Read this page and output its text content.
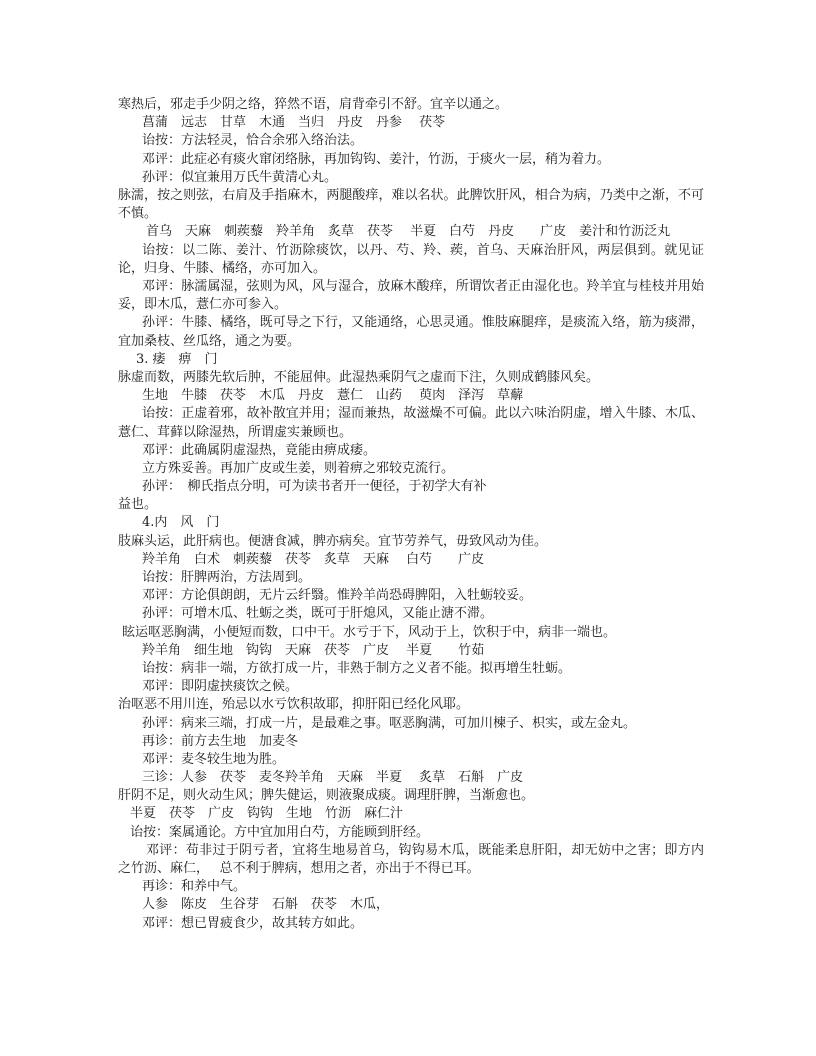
寒热后，邪走手少阴之络，猝然不语，肩背牵引不舒。宜辛以通之。
菖蒲　远志　甘草　木通　当归　丹皮　丹参　 茯苓
诒按：方法轻灵，恰合余邪入络治法。
邓评：此症必有痰火窜闭络脉，再加钩钩、姜汁，竹沥，于痰火一层，稍为着力。
孙评：似宜兼用万氏牛黄清心丸。
脉濡，按之则弦，右肩及手指麻木，两腿酸痒，难以名状。此脾饮肝风，相合为病，乃类中之渐，不可不慎。
首乌　天麻　刺蒺藜　羚羊角　炙草　茯苓　 半夏　白芍　丹皮　　广皮　姜汁和竹沥泛丸
诒按：以二陈、姜汁、竹沥除痰饮，以丹、芍、羚、蒺，首乌、天麻治肝风，两层俱到。就见证论，归身、牛膝、橘络，亦可加入。
邓评：脉濡属湿，弦则为风，风与湿合，放麻木酸痒，所谓饮者正由湿化也。羚羊宜与桂枝并用始妥，即木瓜，薏仁亦可参入。
孙评：牛膝、橘络，既可导之下行，又能通络，心思灵通。惟肢麻腿痒，是痰流入络，筋为痰滞，宜加桑枝、丝瓜络，通之为要。
3. 痿　痹　门
脉虚而数，两膝先软后肿，不能屈伸。此湿热乘阴气之虚而下注，久则成鹤膝风矣。
生地　牛膝　茯苓　木瓜　丹皮　薏仁　山药　 萸肉　泽泻　草薢
诒按：正虚着邪，故补散宜并用；湿而兼热，故滋燥不可偏。此以六味治阴虚，增入牛膝、木瓜、薏仁、茸藓以除湿热，所谓虚实兼顾也。
邓评：此确属阴虚湿热，竟能由痹成痿。
立方殊妥善。再加广皮或生姜，则着痹之邪较克流行。
孙评：　柳氏指点分明，可为读书者开一便径，于初学大有补
益也。
4.内　风　门
肢麻头运，此肝病也。便溏食减，脾亦病矣。宜节劳养气，毋致风动为佳。
羚羊角　白术　刺蒺藜　茯苓　炙草　天麻　 白芍　　广皮
诒按：肝脾两治，方法周到。
邓评：方论俱朗朗，无片云纤翳。惟羚羊尚恐碍脾阳，入牡蛎较妥。
孙评：可增木瓜、牡蛎之类，既可于肝熄风，又能止溏不滞。
眩运呕恶胸满，小便短而数，口中干。水亏于下，风动于上，饮积于中，病非一端也。
羚羊角　细生地　钩钩　天麻　茯苓　广皮　 半夏　　竹茹
诒按：病非一端，方欲打成一片，非熟于制方之义者不能。拟再增生牡蛎。
邓评：即阴虚挟痰饮之候。
治呕恶不用川连，殆忌以水亏饮积故耶，抑肝阳已经化风耶。
孙评：病来三端，打成一片，是最难之事。呕恶胸满，可加川楝子、枳实，或左金丸。
再诊：前方去生地　加麦冬
邓评：麦冬较生地为胜。
三诊：人参　茯苓　麦冬羚羊角　天麻　半夏　 炙草　石斛　广皮
肝阴不足，则火动生风；脾失健运，则液聚成痰。调理肝脾，当渐愈也。
半夏　茯苓　广皮　钩钩　生地　竹沥　麻仁汁
诒按：案属通论。方中宜加用白芍，方能顾到肝经。
邓评：苟非过于阴亏者，宜将生地易首乌，钩钩易木瓜，既能柔息肝阳，却无妨中之害；即方内之竹沥、麻仁，　 总不利于脾病，想用之者，亦出于不得已耳。
再诊：和养中气。
人参　陈皮　生谷芽　石斛　茯苓　木瓜，
邓评：想已胃疲食少，故其转方如此。
